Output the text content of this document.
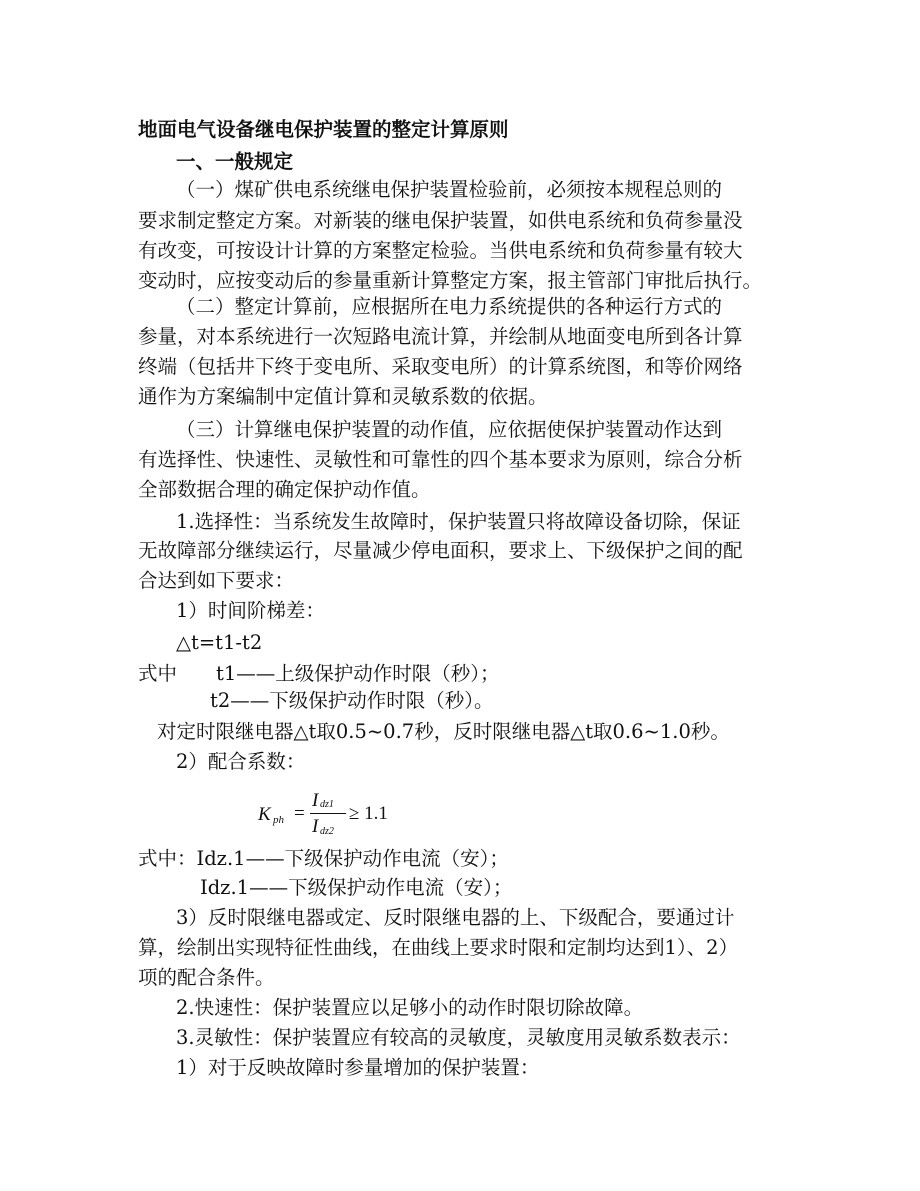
地面电气设备继电保护装置的整定计算原则
一、一般规定
（一）煤矿供电系统继电保护装置检验前，必须按本规程总则的
要求制定整定方案。对新装的继电保护装置，如供电系统和负荷参量没
有改变，可按设计计算的方案整定检验。当供电系统和负荷参量有较大
变动时，应按变动后的参量重新计算整定方案，报主管部门审批后执行。
（二）整定计算前，应根据所在电力系统提供的各种运行方式的
参量，对本系统进行一次短路电流计算，并绘制从地面变电所到各计算
终端（包括井下终于变电所、采取变电所）的计算系统图，和等价网络
通作为方案编制中定值计算和灵敏系数的依据。
（三）计算继电保护装置的动作值，应依据使保护装置动作达到
有选择性、快速性、灵敏性和可靠性的四个基本要求为原则，综合分析
全部数据合理的确定保护动作值。
1.选择性：当系统发生故障时，保护装置只将故障设备切除，保证
无故障部分继续运行，尽量减少停电面积，要求上、下级保护之间的配
合达到如下要求：
1）时间阶梯差：
△t=t1-t2
式中　　t1——上级保护动作时限（秒）；
t2——下级保护动作时限（秒）。
对定时限继电器△t取0.5~0.7秒，反时限继电器△t取0.6~1.0秒。
2）配合系数：
K ph =
I dz1
I dz2
≥ 1.1
式中：Idz.1——下级保护动作电流（安）；
Idz.1——下级保护动作电流（安）；
3）反时限继电器或定、反时限继电器的上、下级配合，要通过计
算，绘制出实现特征性曲线，在曲线上要求时限和定制均达到1）、2）
项的配合条件。
2.快速性：保护装置应以足够小的动作时限切除故障。
3.灵敏性：保护装置应有较高的灵敏度，灵敏度用灵敏系数表示：
1）对于反映故障时参量增加的保护装置：
